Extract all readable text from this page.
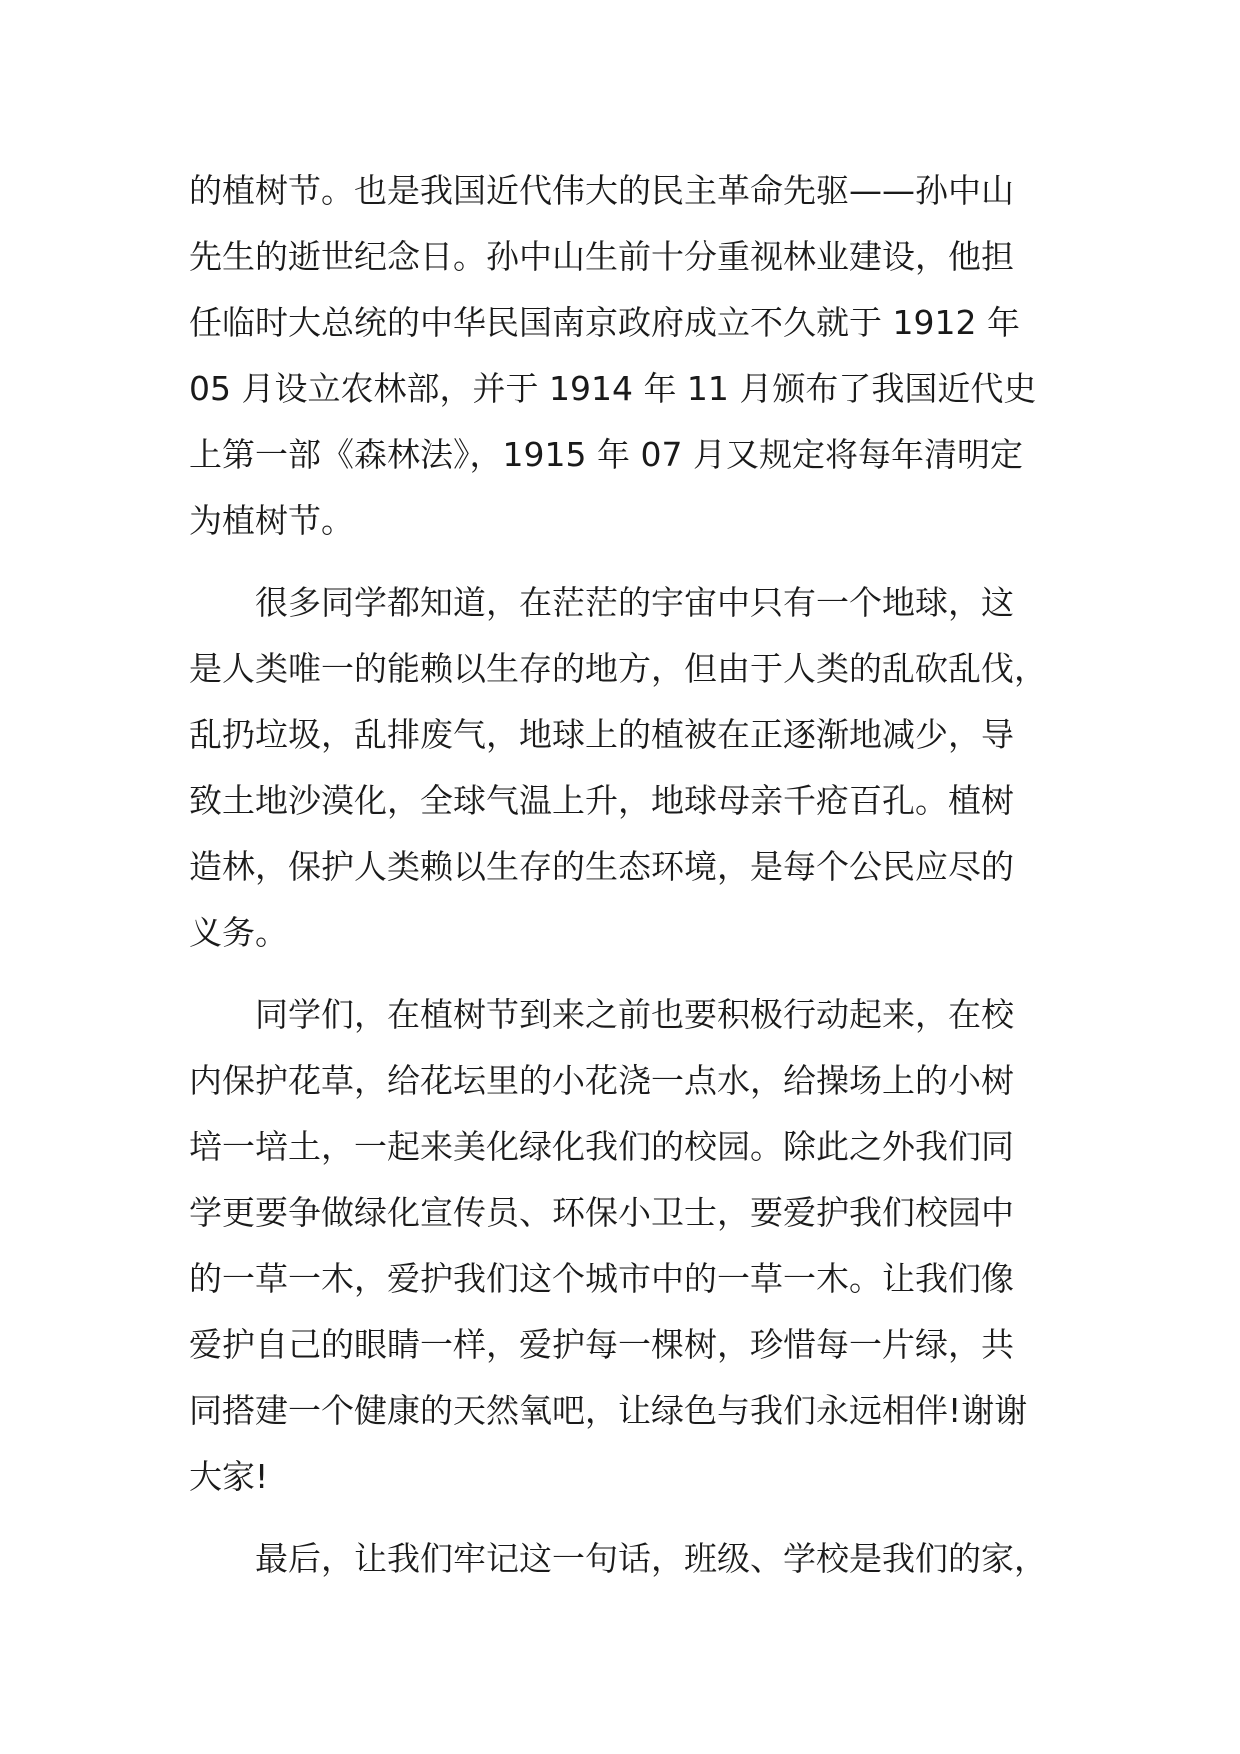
的植树节。也是我国近代伟大的民主革命先驱——孙中山
先生的逝世纪念日。孙中山生前十分重视林业建设，他担
任临时大总统的中华民国南京政府成立不久就于 1912 年
05 月设立农林部，并于 1914 年 11 月颁布了我国近代史
上第一部《森林法》，1915 年 07 月又规定将每年清明定
为植树节。
很多同学都知道，在茫茫的宇宙中只有一个地球，这
是人类唯一的能赖以生存的地方，但由于人类的乱砍乱伐，
乱扔垃圾，乱排废气，地球上的植被在正逐渐地减少，导
致土地沙漠化，全球气温上升，地球母亲千疮百孔。植树
造林，保护人类赖以生存的生态环境，是每个公民应尽的
义务。
同学们，在植树节到来之前也要积极行动起来，在校
内保护花草，给花坛里的小花浇一点水，给操场上的小树
培一培土，一起来美化绿化我们的校园。除此之外我们同
学更要争做绿化宣传员、环保小卫士，要爱护我们校园中
的一草一木，爱护我们这个城市中的一草一木。让我们像
爱护自己的眼睛一样，爱护每一棵树，珍惜每一片绿，共
同搭建一个健康的天然氧吧，让绿色与我们永远相伴!谢谢
大家!
最后，让我们牢记这一句话，班级、学校是我们的家，
